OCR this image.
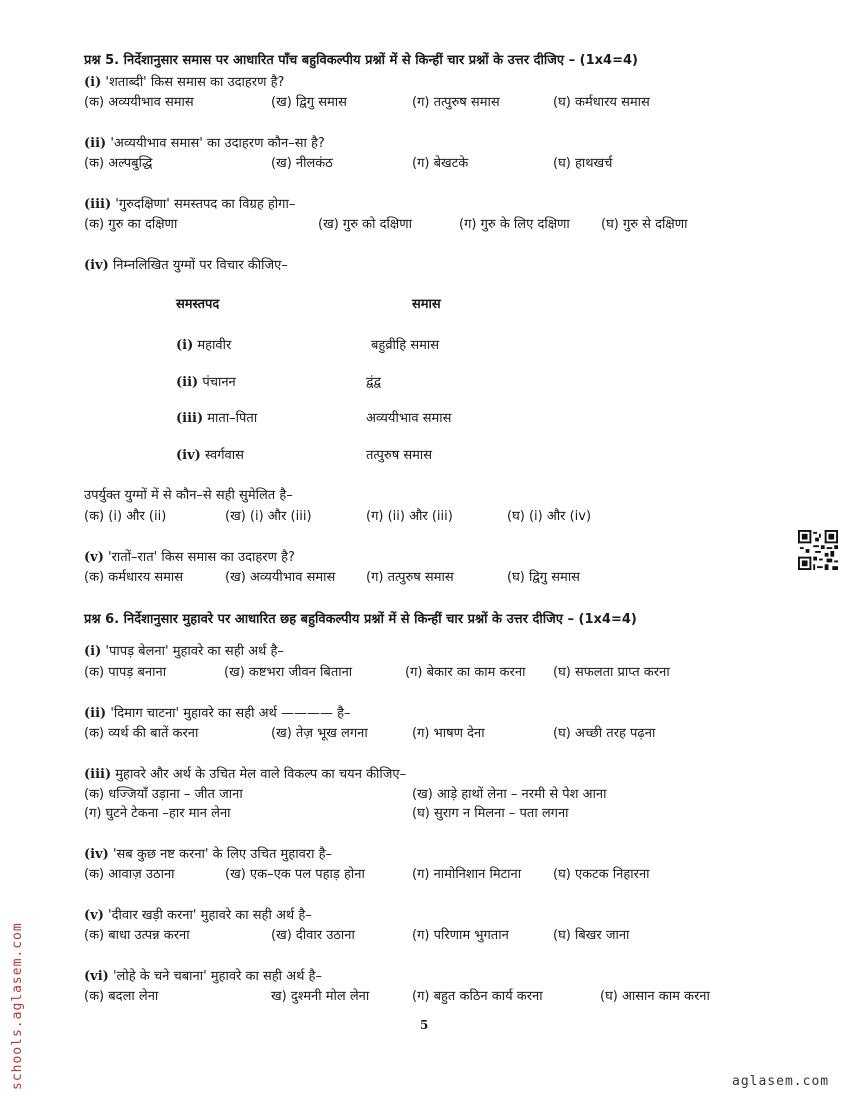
प्रश्न 5. निर्देशानुसार समास पर आधारित पाँच बहुविकल्पीय प्रश्नों में से किन्हीं चार प्रश्नों के उत्तर दीजिए – (1x4=4)
(i) 'शताब्दी' किस समास का उदाहरण है?
(क) अव्ययीभाव समास	(ख) द्विगु समास	(ग) तत्पुरुष समास	(घ) कर्मधारय समास
(ii) 'अव्ययीभाव समास' का उदाहरण कौन–सा है?
(क) अल्पबुद्धि	(ख) नीलकंठ	(ग) बेखटके	(घ) हाथखर्च
(iii) 'गुरुदक्षिणा' समस्तपद का विग्रह होगा–
(क) गुरु का दक्षिणा	(ख) गुरु को दक्षिणा	(ग) गुरु के लिए दक्षिणा (घ) गुरु से दक्षिणा
(iv) निम्नलिखित युग्मों पर विचार कीजिए–
समस्तपद	समास
(i) महावीर	बहुव्रीहि समास
(ii) पंचानन	द्वंद्व
(iii) माता–पिता	अव्ययीभाव समास
(iv) स्वर्गवास	तत्पुरुष समास
उपर्युक्त युग्मों में से कौन–से सही सुमेलित है–
(क) (i) और (ii)	(ख) (i) और (iii)	(ग) (ii) और (iii)	(घ) (i) और (iv)
(v) 'रातों–रात' किस समास का उदाहरण है?
(क) कर्मधारय समास	(ख) अव्ययीभाव समास (ग) तत्पुरुष समास	(घ) द्विगु समास
प्रश्न 6. निर्देशानुसार मुहावरे पर आधारित छह बहुविकल्पीय प्रश्नों में से किन्हीं चार प्रश्नों के उत्तर दीजिए – (1x4=4)
(i) 'पापड़ बेलना' मुहावरे का सही अर्थ है–
(क) पापड़ बनाना	(ख) कष्टभरा जीवन बिताना	(ग) बेकार का काम करना (घ) सफलता प्राप्त करना
(ii) 'दिमाग चाटना' मुहावरे का सही अर्थ ———— है–
(क) व्यर्थ की बातें करना	(ख) तेज़ भूख लगना	(ग) भाषण देना	(घ) अच्छी तरह पढ़ना
(iii) मुहावरे और अर्थ के उचित मेल वाले विकल्प का चयन कीजिए–
(क) धज्जियाँ उड़ाना – जीत जाना	(ख) आड़े हाथों लेना – नरमी से पेश आना
(ग) घुटने टेकना –हार मान लेना	(घ) सुराग न मिलना – पता लगना
(iv) 'सब कुछ नष्ट करना' के लिए उचित मुहावरा है–
(क) आवाज़ उठाना	(ख) एक–एक पल पहाड़ होना	(ग) नामोनिशान मिटाना (घ) एकटक निहारना
(v) 'दीवार खड़ी करना' मुहावरे का सही अर्थ है–
(क) बाधा उत्पन्न करना	(ख) दीवार उठाना	(ग) परिणाम भुगतान	(घ) बिखर जाना
(vi) 'लोहे के चने चबाना' मुहावरे का सही अर्थ है–
(क) बदला लेना	ख) दुश्मनी मोल लेना	(ग) बहुत कठिन कार्य करना	(घ) आसान काम करना
5
aglasem.com
schools.aglasem.com
